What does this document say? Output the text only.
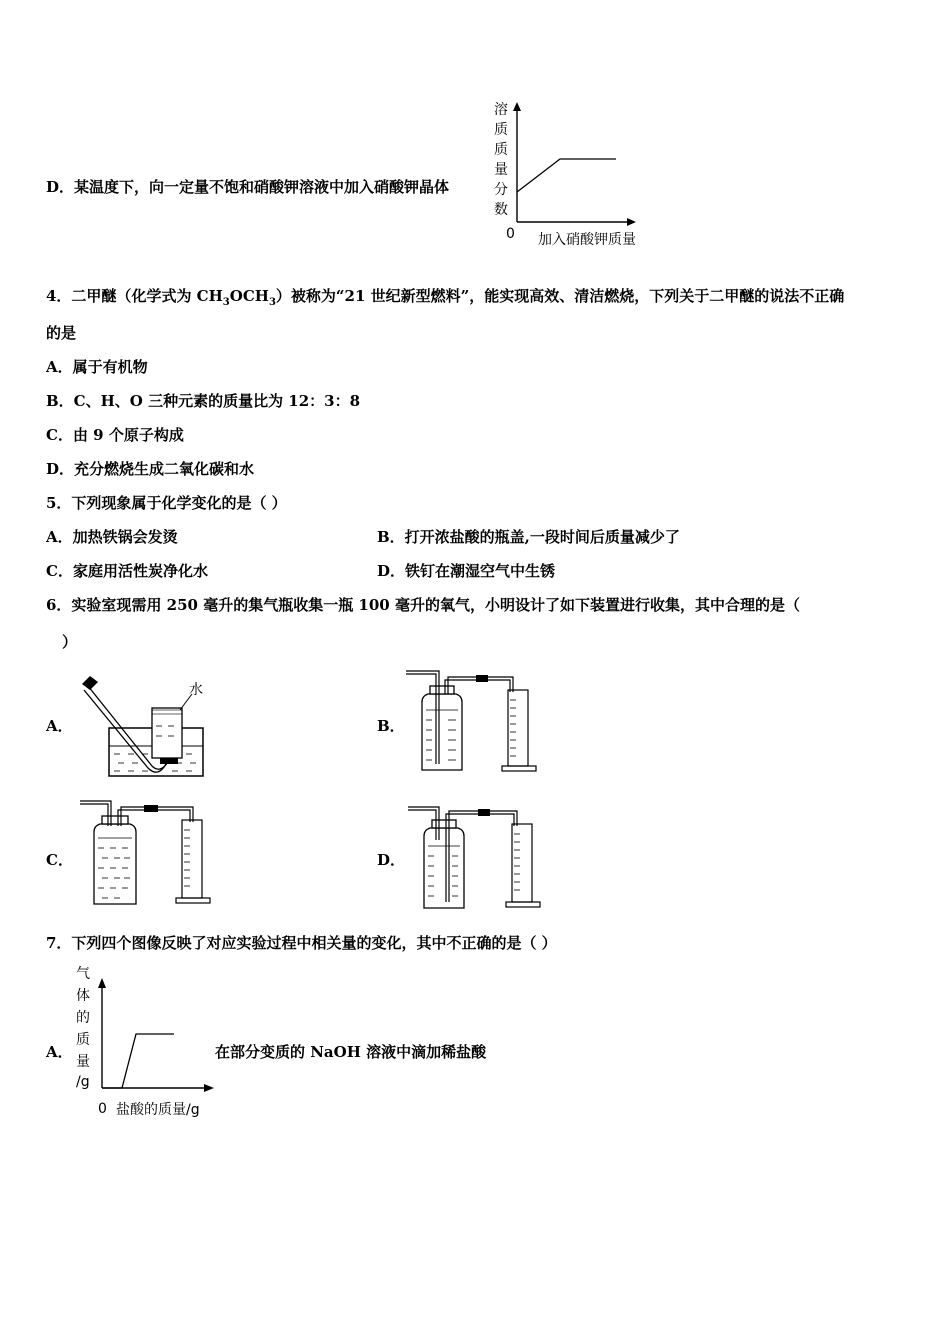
D．某温度下，向一定量不饱和硝酸钾溶液中加入硝酸钾晶体
溶
质
质
量
分
数
0 加入硝酸钾质量
4．二甲醚（化学式为 $CH_3OCH_3$）被称为“21 世纪新型燃料”，能实现高效、清洁燃烧，下列关于二甲醚的说法不正确
的是
A．属于有机物
B．C、H、O 三种元素的质量比为 12：3：8
C．由 9 个原子构成
D．充分燃烧生成二氧化碳和水
5．下列现象属于化学变化的是（ ）
A．加热铁锅会发烫	B．打开浓盐酸的瓶盖,一段时间后质量减少了
C．家庭用活性炭净化水	D．铁钉在潮湿空气中生锈
6．实验室现需用 250 毫升的集气瓶收集一瓶 100 毫升的氧气，小明设计了如下装置进行收集，其中合理的是（
）
A．	B．
C．	D．
水
7．下列四个图像反映了对应实验过程中相关量的变化，其中不正确的是（ ）
A．	在部分变质的 NaOH 溶液中滴加稀盐酸
气
体
的
质
量
/g
0 盐酸的质量/g
